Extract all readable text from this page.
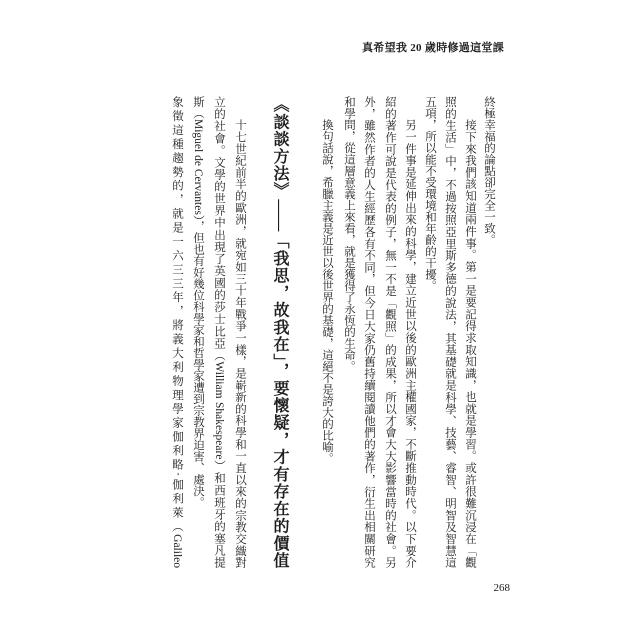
真希望我 20 歲時修過這堂課
終極幸福的論點卻完全一致。
接下來我們該知道兩件事。第一是要記得求取知識，也就是學習。或許很難沉浸在「觀
照的生活」中，不過按照亞里斯多德的說法，其基礎就是科學、技藝、睿智、明智及智慧這
五項，所以能不受環境和年齡的干擾。
另一件事是延伸出來的科學，建立近世以後的歐洲主權國家，不斷推動時代。以下要介
紹的著作可說是代表的例子，無一不是「觀照」的成果，所以才會大大影響當時的社會。另
外，雖然作者的人生經歷各有不同，但今日大家仍舊持續閱讀他們的著作，衍生出相關研究
和學問，從這層意義上來看，就是獲得了永恆的生命。
換句話說，希臘主義是近世以後世界的基礎，這絕不是誇大的比喻。
《談談方法》——「我思，故我在」，要懷疑，才有存在的價值
十七世紀前半的歐洲，就宛如三十年戰爭一樣，是嶄新的科學和一直以來的宗教交織對
立的社會。文學的世界中出現了英國的莎士比亞（William Shakespeare）和西班牙的塞凡提
斯（Miguel de Cervantes），但也有好幾位科學家和哲學家遭到宗教界迫害、處決。
象徵這種趨勢的，就是一六三三年，將義大利物理學家伽利略‧伽利萊（Galileo
268
